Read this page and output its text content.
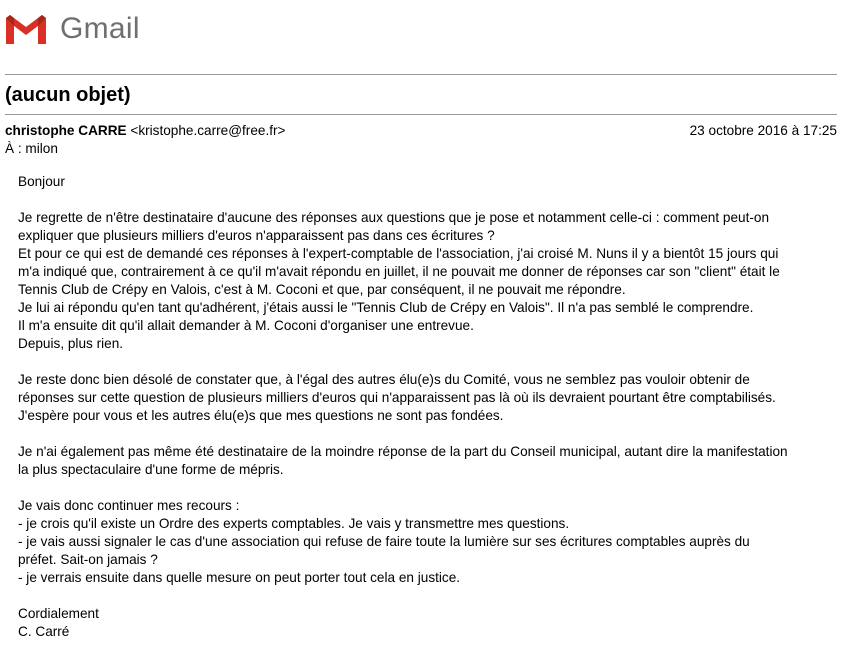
Gmail
(aucun objet)
christophe CARRE <kristophe.carre@free.fr>	23 octobre 2016 à 17:25
À : milon

Bonjour

Je regrette de n'être destinataire d'aucune des réponses aux questions que je pose et notamment celle-ci : comment peut-on
expliquer que plusieurs milliers d'euros n'apparaissent pas dans ces écritures ?
Et pour ce qui est de demandé ces réponses à l'expert-comptable de l'association, j'ai croisé M. Nuns il y a bientôt 15 jours qui
m'a indiqué que, contrairement à ce qu'il m'avait répondu en juillet, il ne pouvait me donner de réponses car son "client" était le
Tennis Club de Crépy en Valois, c'est à M. Coconi et que, par conséquent, il ne pouvait me répondre.
Je lui ai répondu qu'en tant qu'adhérent, j'étais aussi le "Tennis Club de Crépy en Valois". Il n'a pas semblé le comprendre.
Il m'a ensuite dit qu'il allait demander à M. Coconi d'organiser une entrevue.
Depuis, plus rien.

Je reste donc bien désolé de constater que, à l'égal des autres élu(e)s du Comité, vous ne semblez pas vouloir obtenir de
réponses sur cette question de plusieurs milliers d'euros qui n'apparaissent pas là où ils devraient pourtant être comptabilisés.
J'espère pour vous et les autres élu(e)s que mes questions ne sont pas fondées.

Je n'ai également pas même été destinataire de la moindre réponse de la part du Conseil municipal, autant dire la manifestation
la plus spectaculaire d'une forme de mépris.

Je vais donc continuer mes recours :
- je crois qu'il existe un Ordre des experts comptables. Je vais y transmettre mes questions.
- je vais aussi signaler le cas d'une association qui refuse de faire toute la lumière sur ses écritures comptables auprès du
préfet. Sait-on jamais ?
- je verrais ensuite dans quelle mesure on peut porter tout cela en justice.

Cordialement
C. Carré
